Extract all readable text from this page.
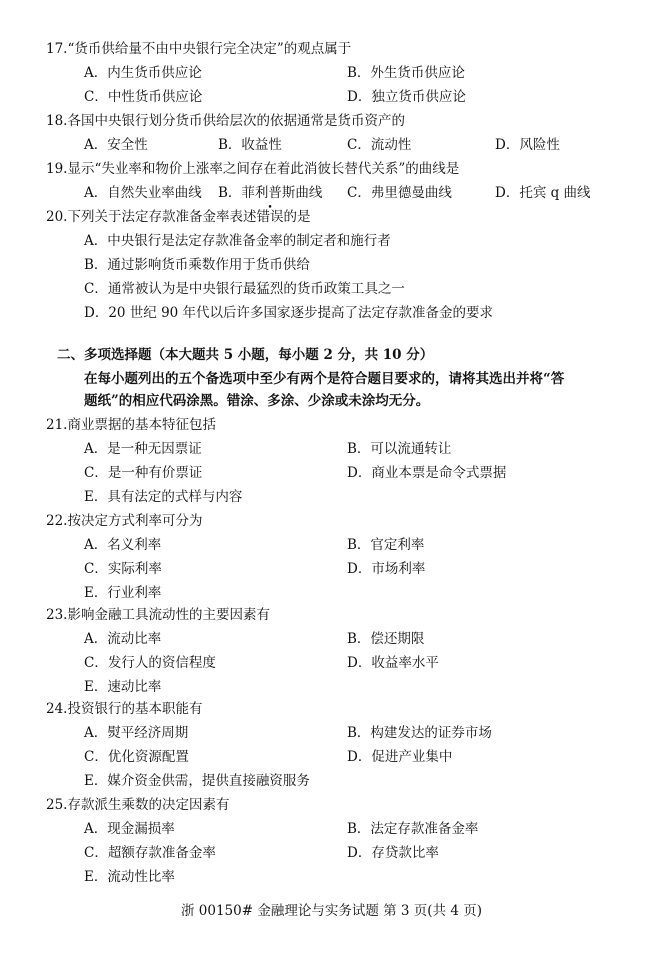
17.“货币供给量不由中央银行完全决定”的观点属于
A．内生货币供应论	B．外生货币供应论
C．中性货币供应论	D．独立货币供应论
18.各国中央银行划分货币供给层次的依据通常是货币资产的
A．安全性	B．收益性	C．流动性	D．风险性
19.显示“失业率和物价上涨率之间存在着此消彼长替代关系”的曲线是
A．自然失业率曲线 B．菲利普斯曲线 C．弗里德曼曲线	D．托宾 q 曲线
20.下列关于法定存款准备金率表述错误的是
A．中央银行是法定存款准备金率的制定者和施行者
B．通过影响货币乘数作用于货币供给
C．通常被认为是中央银行最猛烈的货币政策工具之一
D．20 世纪 90 年代以后许多国家逐步提高了法定存款准备金的要求
二、多项选择题（本大题共 5 小题，每小题 2 分，共 10 分）
在每小题列出的五个备选项中至少有两个是符合题目要求的，请将其选出并将“答
题纸”的相应代码涂黑。错涂、多涂、少涂或未涂均无分。
21.商业票据的基本特征包括
A．是一种无因票证	B．可以流通转让
C．是一种有价票证	D．商业本票是命令式票据
E．具有法定的式样与内容
22.按决定方式利率可分为
A．名义利率	B．官定利率
C．实际利率	D．市场利率
E．行业利率
23.影响金融工具流动性的主要因素有
A．流动比率	B．偿还期限
C．发行人的资信程度	D．收益率水平
E．速动比率
24.投资银行的基本职能有
A．熨平经济周期	B．构建发达的证券市场
C．优化资源配置	D．促进产业集中
E．媒介资金供需，提供直接融资服务
25.存款派生乘数的决定因素有
A．现金漏损率	B．法定存款准备金率
C．超额存款准备金率	D．存贷款比率
E．流动性比率
浙 00150# 金融理论与实务试题 第 3 页(共 4 页)
